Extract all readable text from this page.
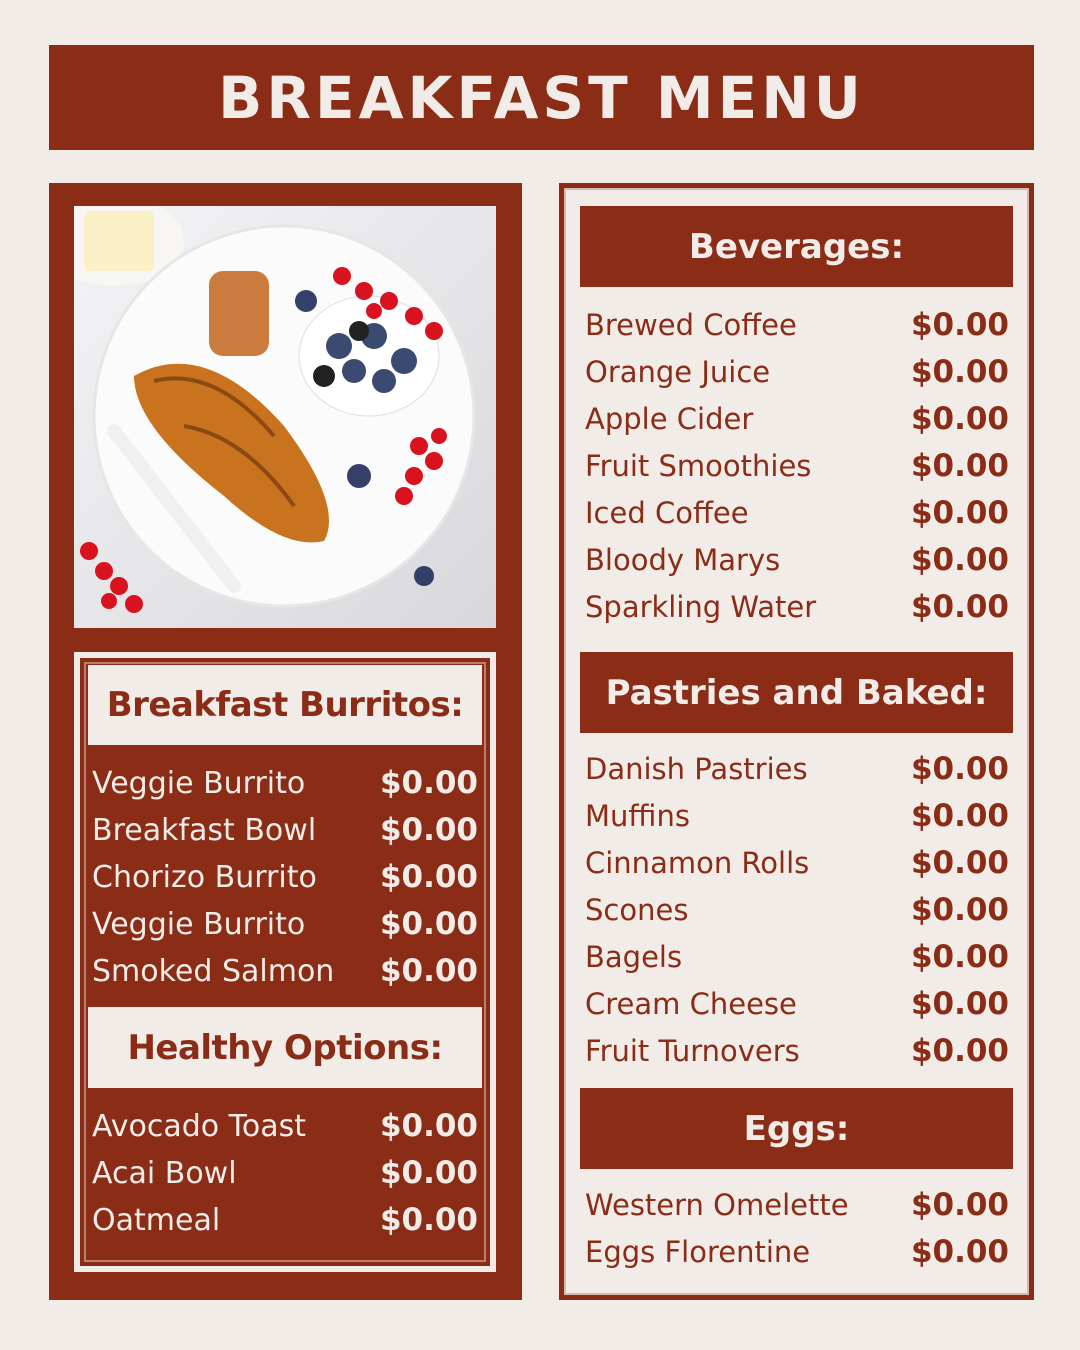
BREAKFAST MENU
Breakfast Burritos:
Veggie Burrito $0.00
Breakfast Bowl $0.00
Chorizo Burrito $0.00
Veggie Burrito $0.00
Smoked Salmon $0.00
Healthy Options:
Avocado Toast $0.00
Acai Bowl	$0.00
Oatmeal	$0.00
Beverages:
Brewed Coffee	$0.00
Orange Juice	$0.00
Apple Cider	$0.00
Fruit Smoothies	$0.00
Iced Coffee	$0.00
Bloody Marys	$0.00
Sparkling Water	$0.00
Pastries and Baked:
Danish Pastries	$0.00
Muffins	$0.00
Cinnamon Rolls	$0.00
Scones	$0.00
Bagels	$0.00
Cream Cheese	$0.00
Fruit Turnovers	$0.00
Eggs:
Western Omelette $0.00
Eggs Florentine	$0.00
